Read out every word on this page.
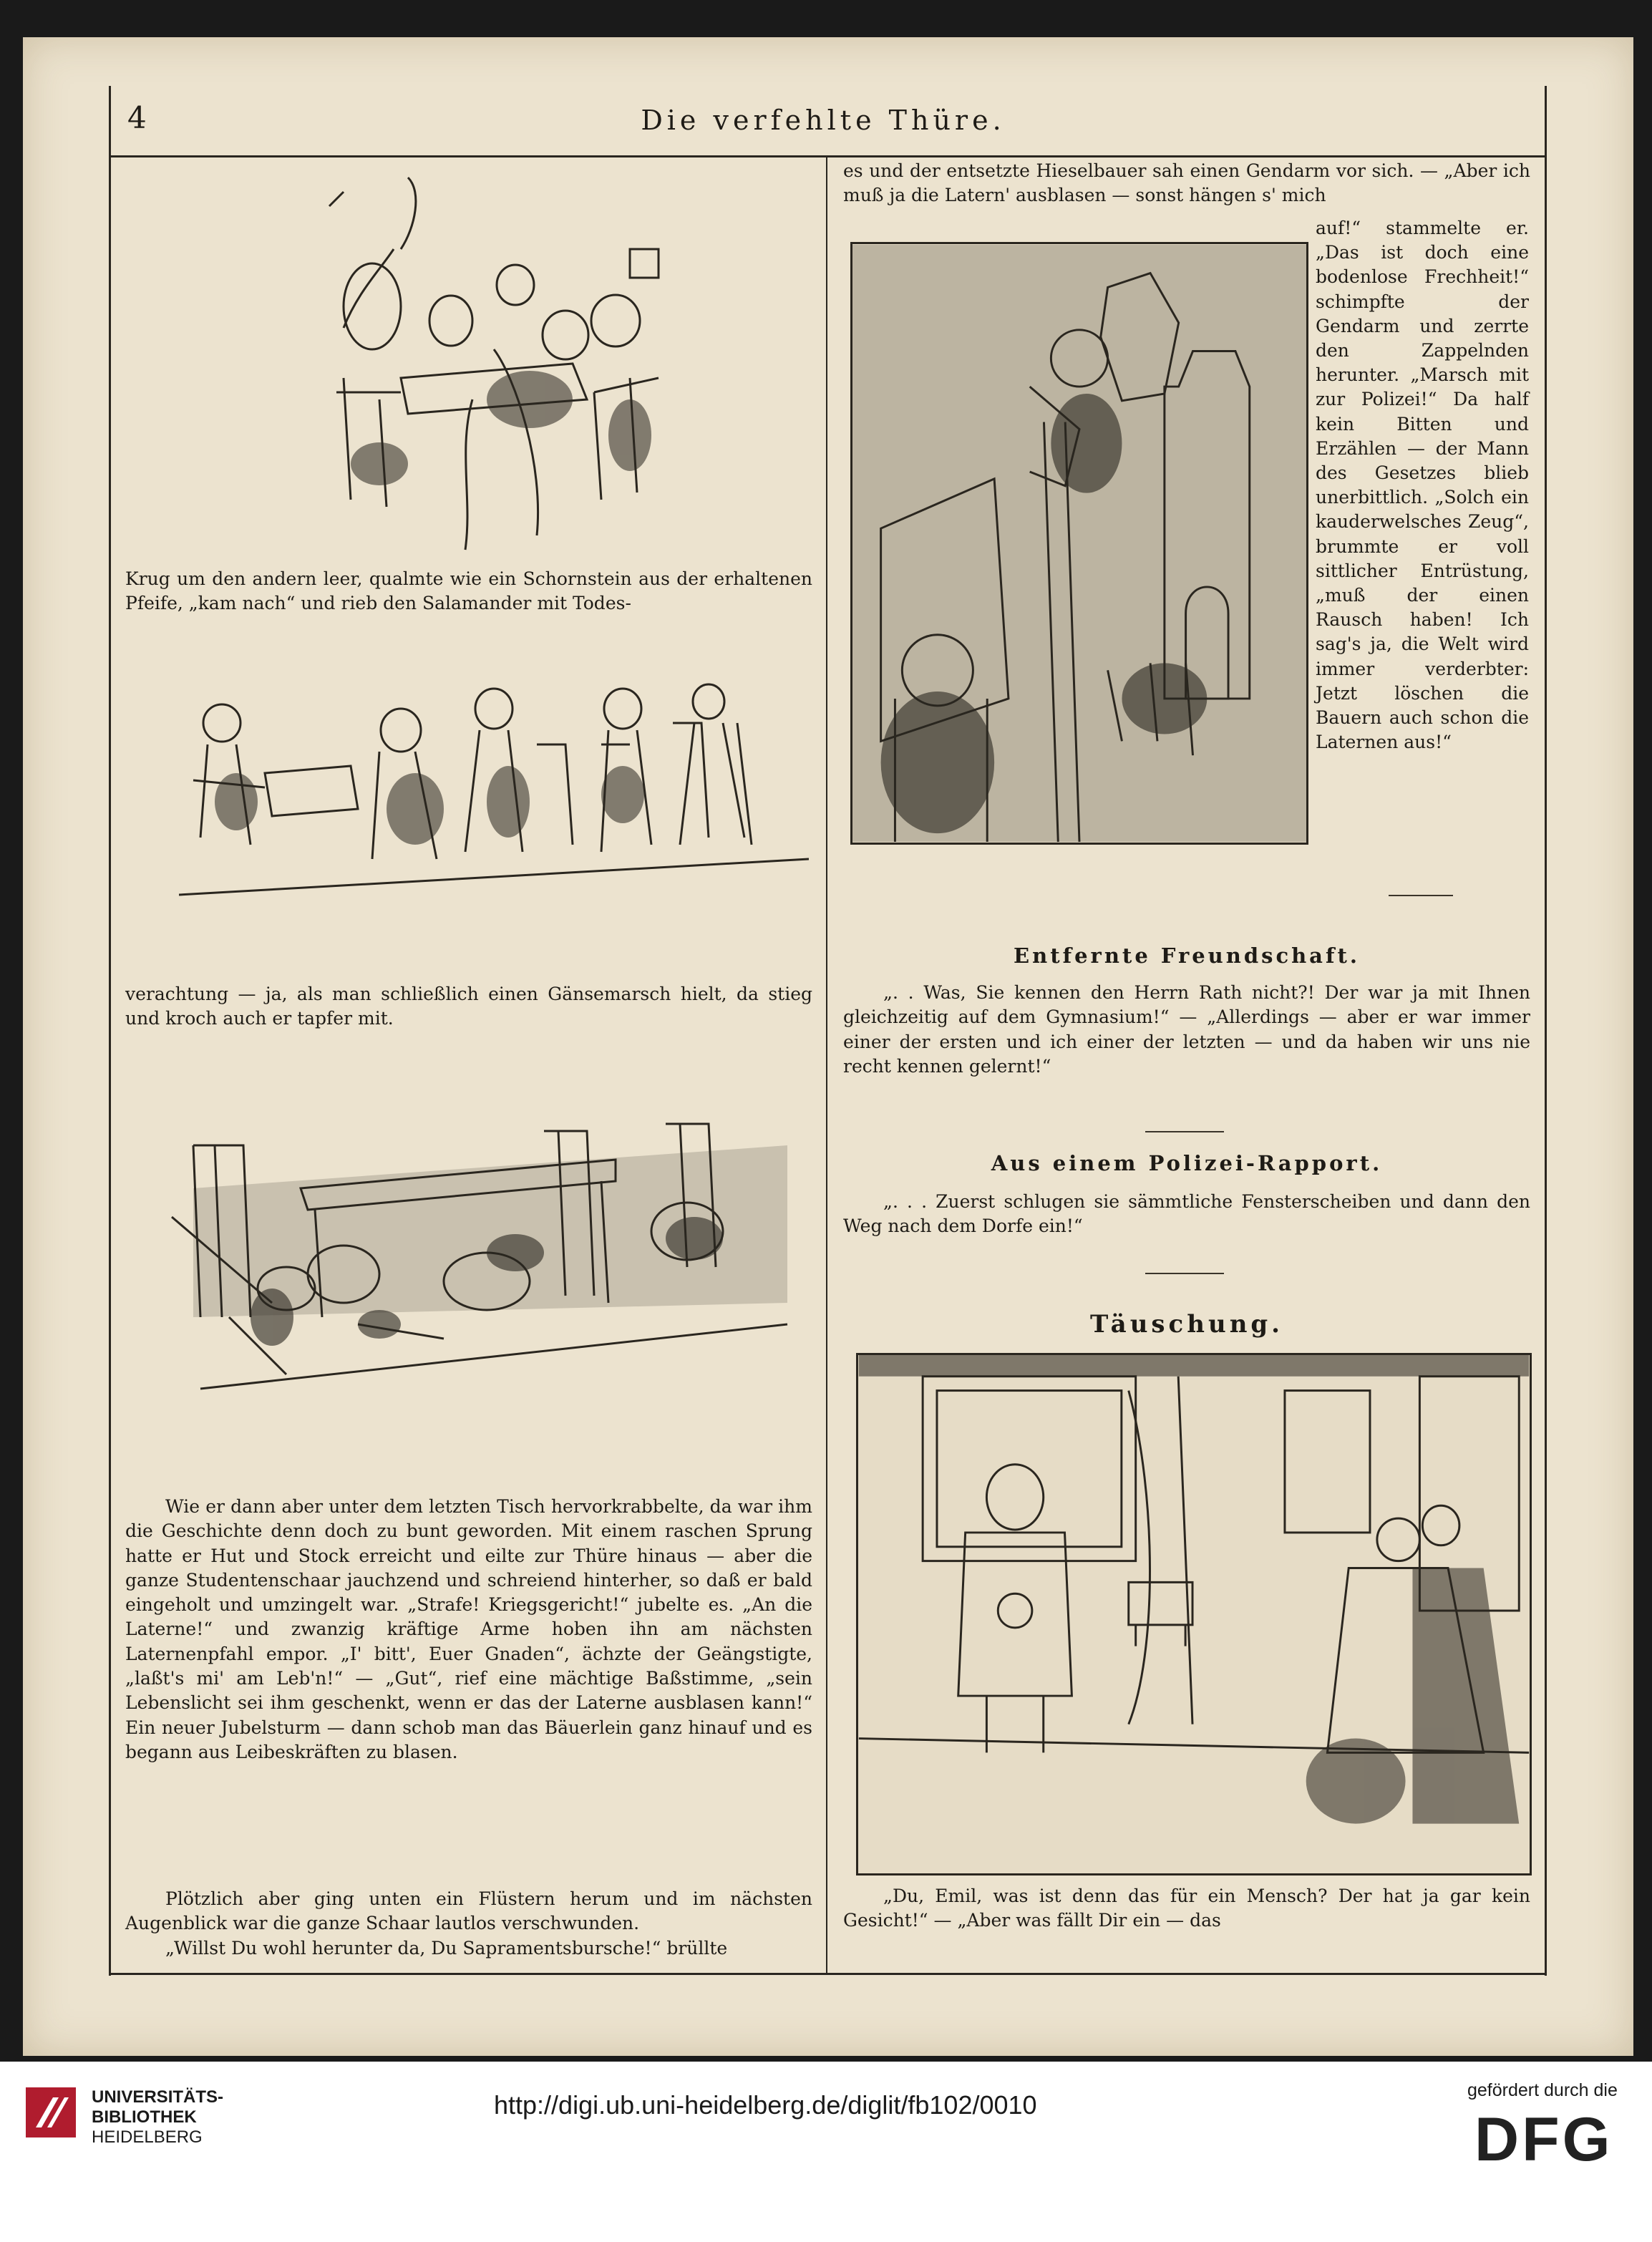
4	Die verfehlte Thüre.

Krug um den andern leer, qualmte wie ein Schornstein aus der erhaltenen Pfeife, „kam nach“ und rieb den Salamander mit Todes-

verachtung — ja, als man schließlich einen Gänsemarsch hielt, da stieg und kroch auch er tapfer mit.

Wie er dann aber unter dem letzten Tisch hervorkrabbelte, da war ihm die Geschichte denn doch zu bunt geworden. Mit einem raschen Sprung hatte er Hut und Stock erreicht und eilte zur Thüre hinaus — aber die ganze Studentenschaar jauchzend und schreiend hinterher, so daß er bald eingeholt und umzingelt war. „Strafe! Kriegsgericht!“ jubelte es. „An die Laterne!“ und zwanzig kräftige Arme hoben ihn am nächsten Laternenpfahl empor. „I' bitt', Euer Gnaden“, ächzte der Geängstigte, „laßt's mi' am Leb'n!“ — „Gut“, rief eine mächtige Baßstimme, „sein Lebenslicht sei ihm geschenkt, wenn er das der Laterne ausblasen kann!“ Ein neuer Jubelsturm — dann schob man das Bäuerlein ganz hinauf und es begann aus Leibeskräften zu blasen.

Plötzlich aber ging unten ein Flüstern herum und im nächsten Augenblick war die ganze Schaar lautlos verschwunden.

„Willst Du wohl herunter da, Du Sapramentsbursche!“ brüllte

es und der entsetzte Hieselbauer sah einen Gendarm vor sich. — „Aber ich muß ja die Latern' ausblasen — sonst hängen s' mich

auf!“ stammelte er. „Das ist doch eine bodenlose Frechheit!“ schimpfte der Gendarm und zerrte den Zappelnden herunter. „Marsch mit zur Polizei!“ Da half kein Bitten und Erzählen — der Mann des Gesetzes blieb unerbittlich. „Solch ein kauderwelsches Zeug“, brummte er voll sittlicher Entrüstung, „muß der einen Rausch haben! Ich sag's ja, die Welt wird immer verderbter: Jetzt löschen die Bauern auch schon die Laternen aus!“

Entfernte Freundschaft.

„. . Was, Sie kennen den Herrn Rath nicht?! Der war ja mit Ihnen gleichzeitig auf dem Gymnasium!“ — „Allerdings — aber er war immer einer der ersten und ich einer der letzten — und da haben wir uns nie recht kennen gelernt!“

Aus einem Polizei-Rapport.

„. . . Zuerst schlugen sie sämmtliche Fensterscheiben und dann den Weg nach dem Dorfe ein!“

Täuschung.

„Du, Emil, was ist denn das für ein Mensch? Der hat ja gar kein Gesicht!“ — „Aber was fällt Dir ein — das

UNIVERSITÄTS-
BIBLIOTHEK
HEIDELBERG
http://digi.ub.uni-heidelberg.de/diglit/fb102/0010	gefördert durch die
DFG
